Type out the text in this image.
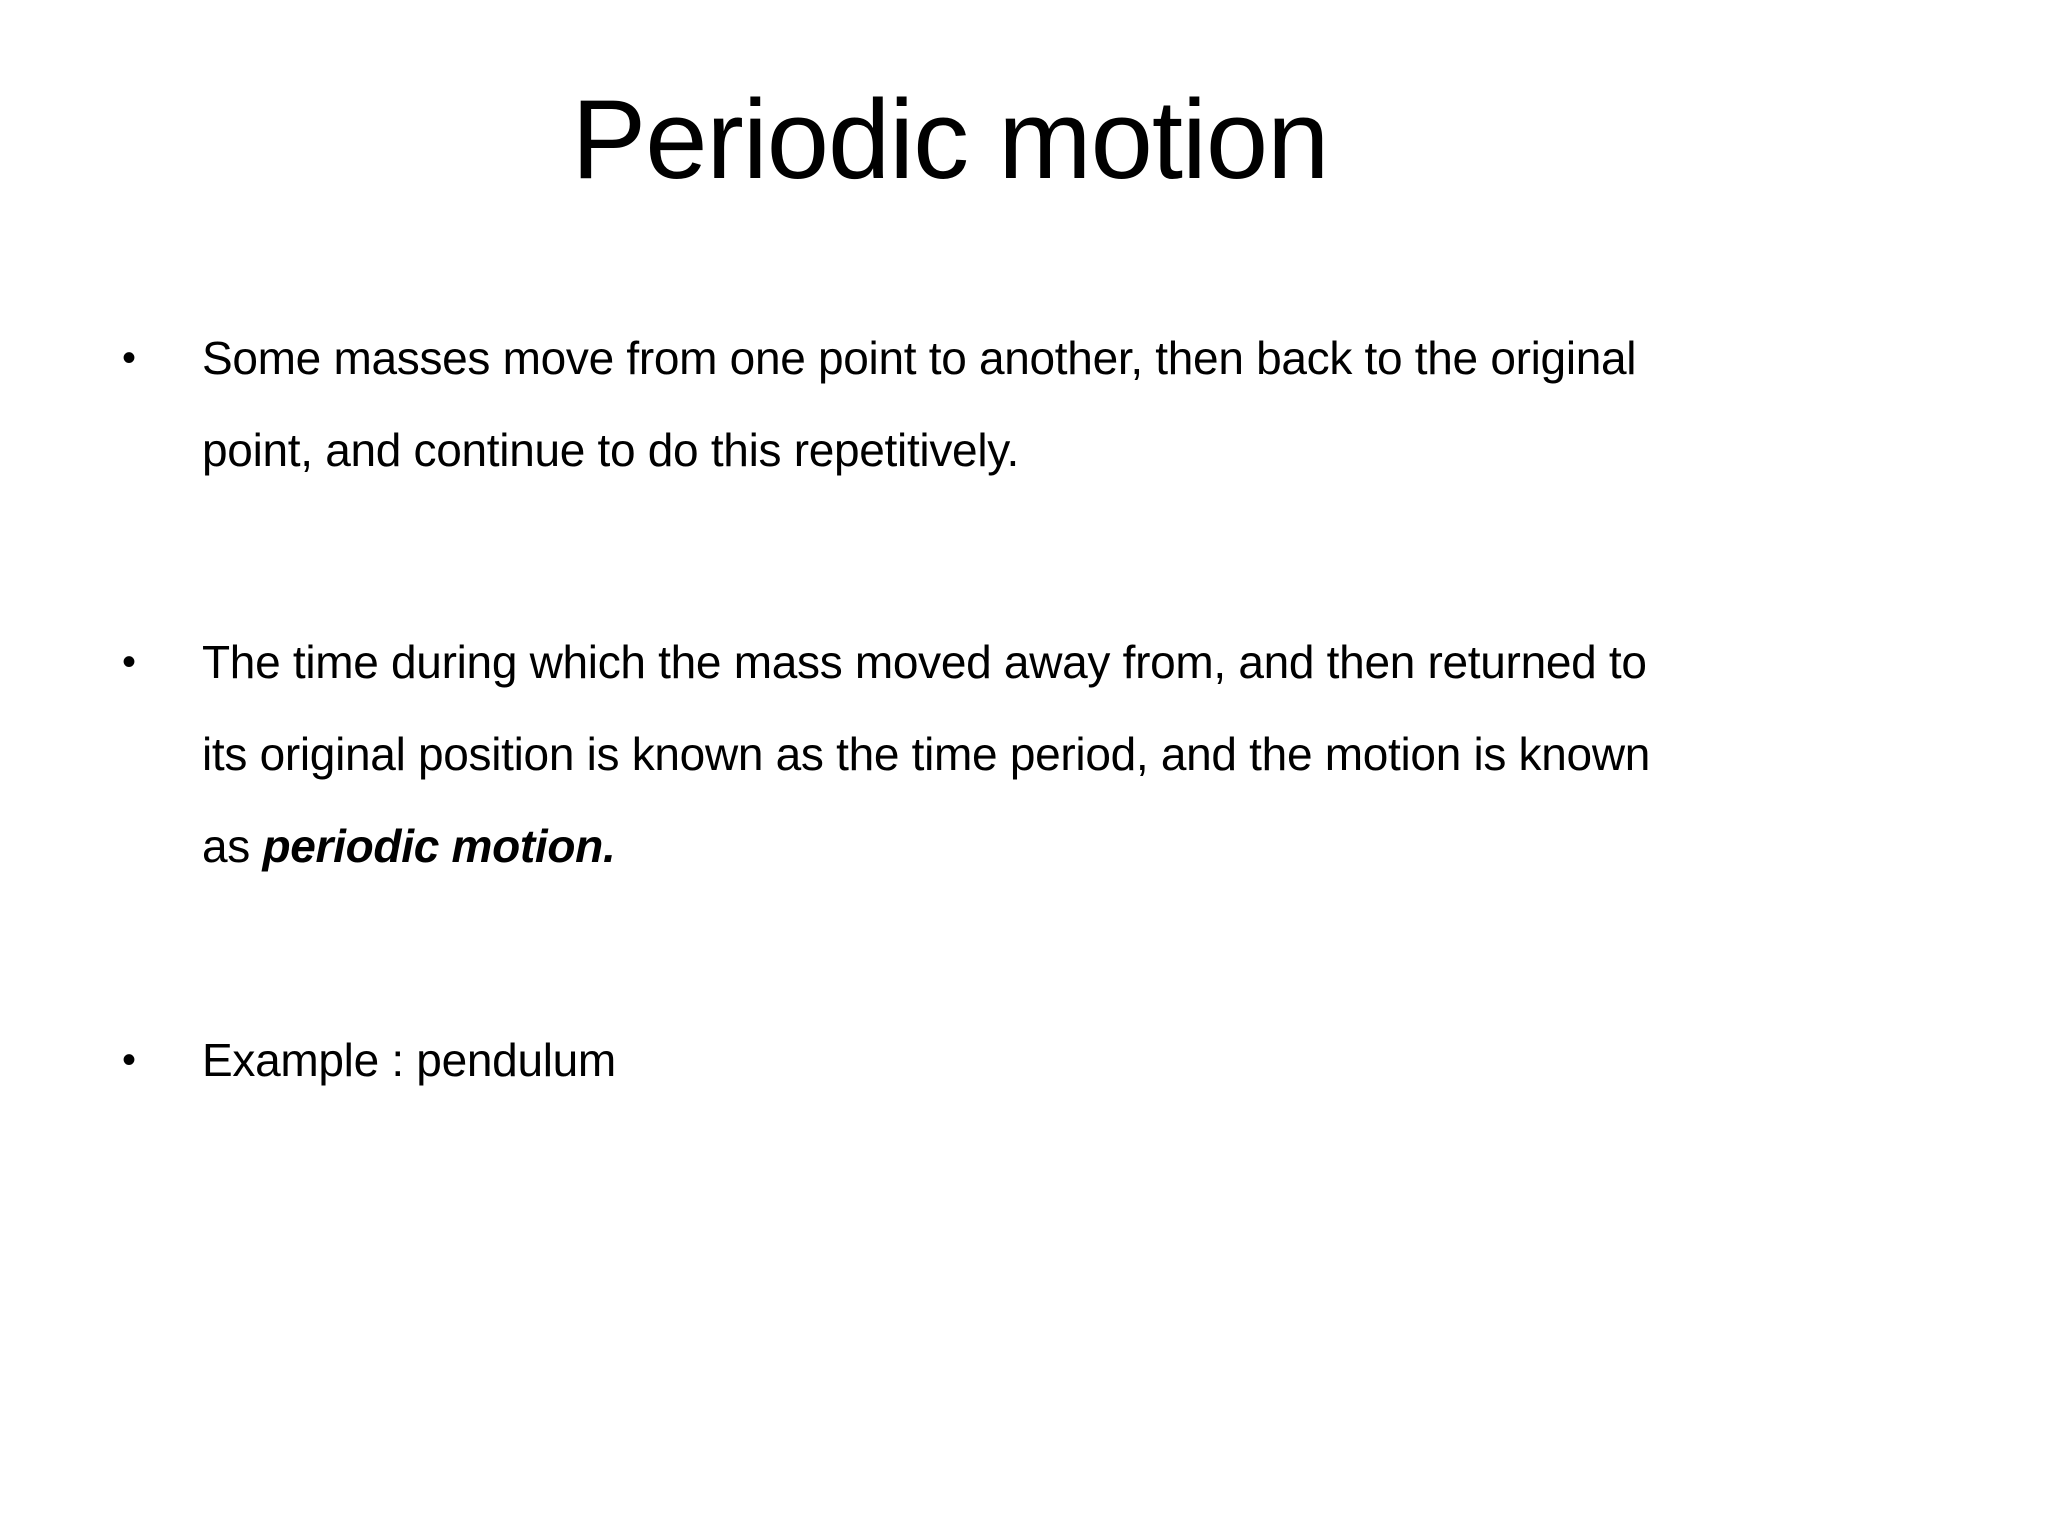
Periodic motion
• Some masses move from one point to another, then back to the original
point, and continue to do this repetitively.
• The time during which the mass moved away from, and then returned to
its original position is known as the time period, and the motion is known
as periodic motion.
• Example : pendulum
